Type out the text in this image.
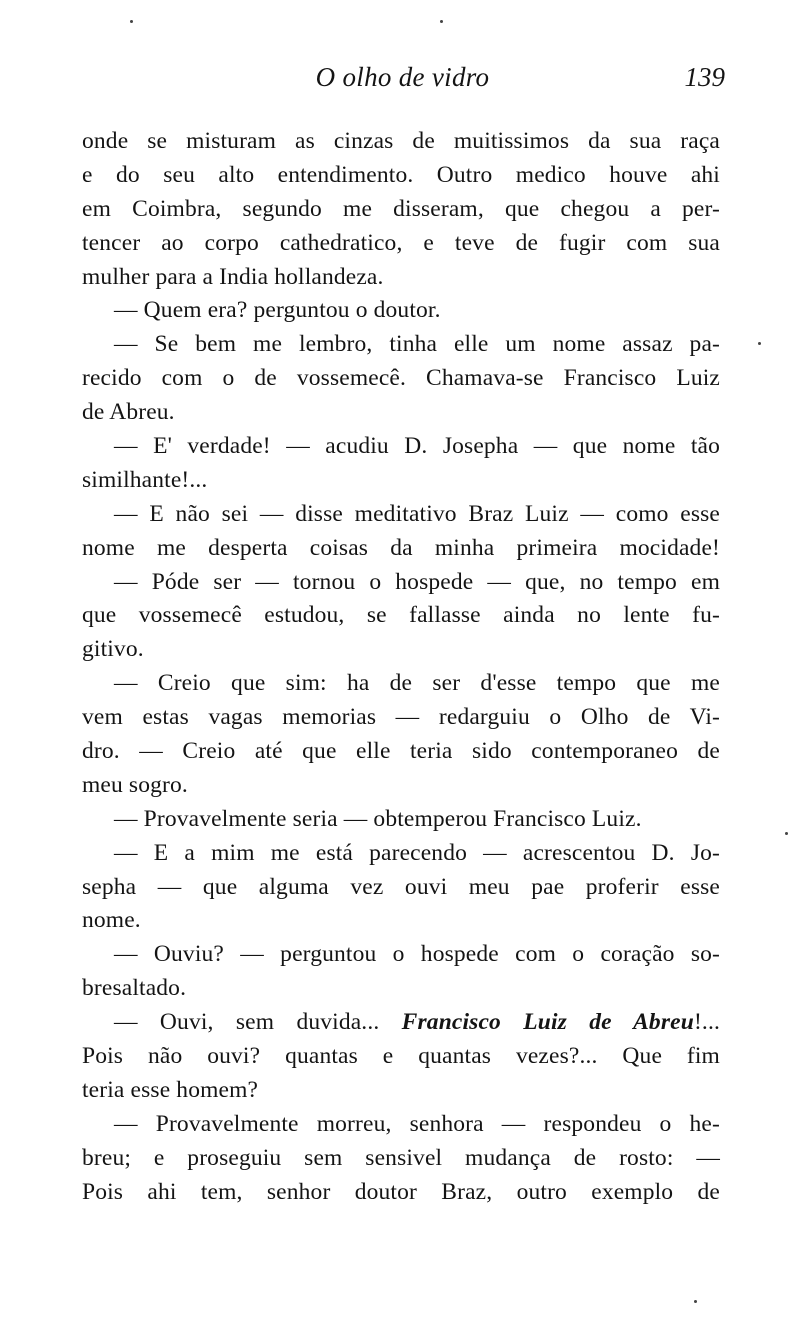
O olho de vidro	139
onde se misturam as cinzas de muitissimos da sua raça
e do seu alto entendimento. Outro medico houve ahi
em Coimbra, segundo me disseram, que chegou a per-
tencer ao corpo cathedratico, e teve de fugir com sua
mulher para a India hollandeza.
— Quem era? perguntou o doutor.
— Se bem me lembro, tinha elle um nome assaz pa-
recido com o de vossemecê. Chamava-se Francisco Luiz
de Abreu.
— E' verdade! — acudiu D. Josepha — que nome tão
similhante!...
— E não sei — disse meditativo Braz Luiz — como esse
nome me desperta coisas da minha primeira mocidade!
— Póde ser — tornou o hospede — que, no tempo em
que vossemecê estudou, se fallasse ainda no lente fu-
gitivo.
— Creio que sim: ha de ser d'esse tempo que me
vem estas vagas memorias — redarguiu o Olho de Vi-
dro. — Creio até que elle teria sido contemporaneo de
meu sogro.
— Provavelmente seria — obtemperou Francisco Luiz.
— E a mim me está parecendo — acrescentou D. Jo-
sepha — que alguma vez ouvi meu pae proferir esse
nome.
— Ouviu? — perguntou o hospede com o coração so-
bresaltado.
— Ouvi, sem duvida... Francisco Luiz de Abreu!...
Pois não ouvi? quantas e quantas vezes?... Que fim
teria esse homem?
— Provavelmente morreu, senhora — respondeu o he-
breu; e proseguiu sem sensivel mudança de rosto: —
Pois ahi tem, senhor doutor Braz, outro exemplo de
